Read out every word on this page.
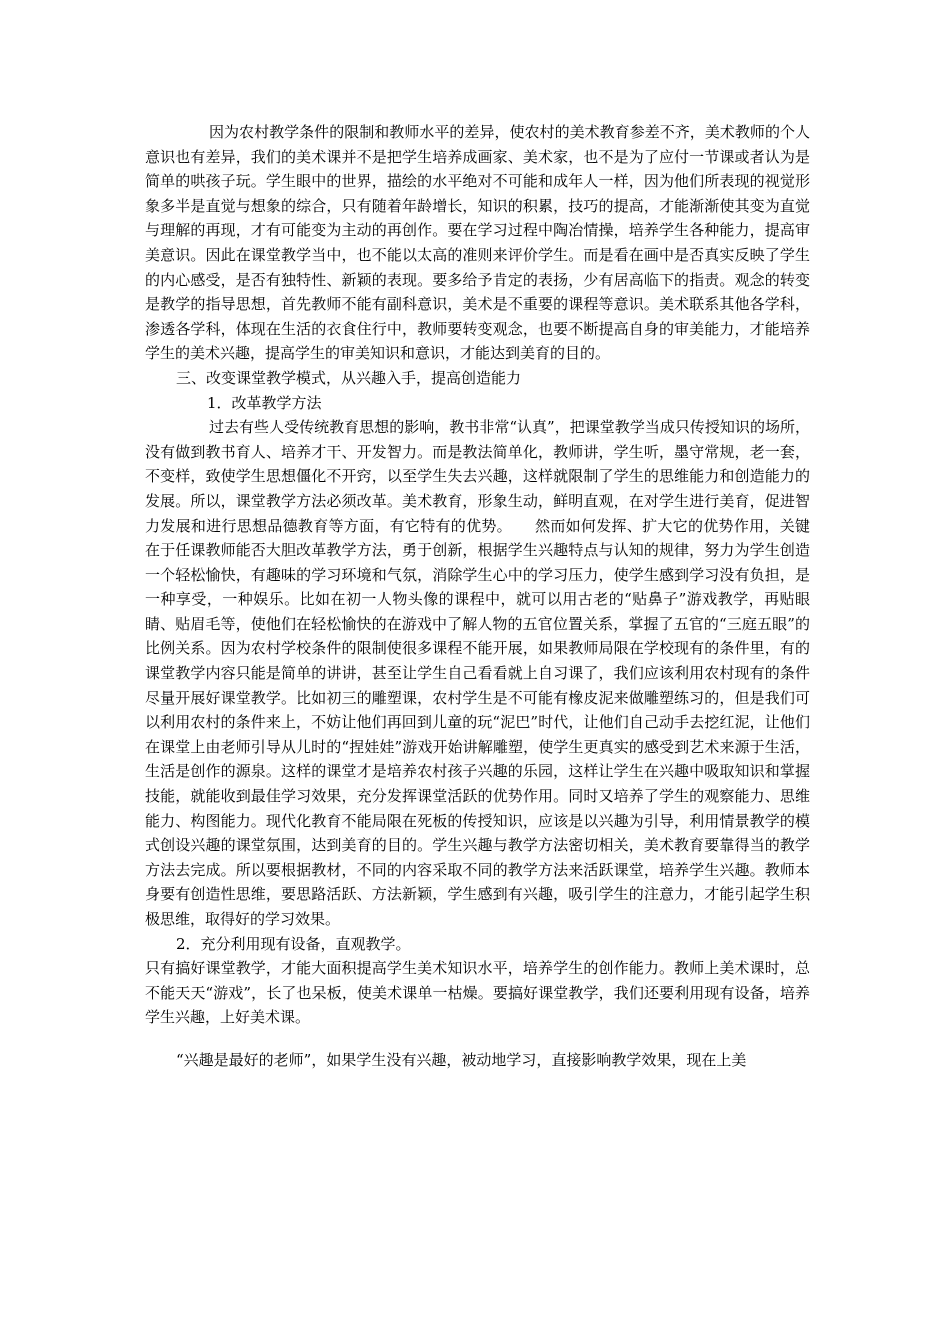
因为农村教学条件的限制和教师水平的差异，使农村的美术教育参差不齐，美术教师的个人意识也有差异，我们的美术课并不是把学生培养成画家、美术家，也不是为了应付一节课或者认为是简单的哄孩子玩。学生眼中的世界，描绘的水平绝对不可能和成年人一样，因为他们所表现的视觉形象多半是直觉与想象的综合，只有随着年龄增长，知识的积累，技巧的提高，才能渐渐使其变为直觉与理解的再现，才有可能变为主动的再创作。要在学习过程中陶冶情操，培养学生各种能力，提高审美意识。因此在课堂教学当中，也不能以太高的准则来评价学生。而是看在画中是否真实反映了学生的内心感受，是否有独特性、新颖的表现。要多给予肯定的表扬，少有居高临下的指责。观念的转变是教学的指导思想，首先教师不能有副科意识，美术是不重要的课程等意识。美术联系其他各学科，渗透各学科，体现在生活的衣食住行中，教师要转变观念，也要不断提高自身的审美能力，才能培养学生的美术兴趣，提高学生的审美知识和意识，才能达到美育的目的。

三、改变课堂教学模式，从兴趣入手，提高创造能力

1．改革教学方法

过去有些人受传统教育思想的影响，教书非常“认真”，把课堂教学当成只传授知识的场所，没有做到教书育人、培养才干、开发智力。而是教法简单化，教师讲，学生听，墨守常规，老一套，不变样，致使学生思想僵化不开窍，以至学生失去兴趣，这样就限制了学生的思维能力和创造能力的发展。所以，课堂教学方法必须改革。美术教育，形象生动，鲜明直观，在对学生进行美育，促进智力发展和进行思想品德教育等方面，有它特有的优势。　　然而如何发挥、扩大它的优势作用，关键在于任课教师能否大胆改革教学方法，勇于创新，根据学生兴趣特点与认知的规律，努力为学生创造一个轻松愉快，有趣味的学习环境和气氛，消除学生心中的学习压力，使学生感到学习没有负担，是一种享受，一种娱乐。比如在初一人物头像的课程中，就可以用古老的“贴鼻子”游戏教学，再贴眼睛、贴眉毛等，使他们在轻松愉快的在游戏中了解人物的五官位置关系，掌握了五官的“三庭五眼”的比例关系。因为农村学校条件的限制使很多课程不能开展，如果教师局限在学校现有的条件里，有的课堂教学内容只能是简单的讲讲，甚至让学生自己看看就上自习课了，我们应该利用农村现有的条件尽量开展好课堂教学。比如初三的雕塑课，农村学生是不可能有橡皮泥来做雕塑练习的，但是我们可以利用农村的条件来上，不妨让他们再回到儿童的玩“泥巴”时代，让他们自己动手去挖红泥，让他们在课堂上由老师引导从儿时的“捏娃娃”游戏开始讲解雕塑，使学生更真实的感受到艺术来源于生活，生活是创作的源泉。这样的课堂才是培养农村孩子兴趣的乐园，这样让学生在兴趣中吸取知识和掌握技能，就能收到最佳学习效果，充分发挥课堂活跃的优势作用。同时又培养了学生的观察能力、思维能力、构图能力。现代化教育不能局限在死板的传授知识，应该是以兴趣为引导，利用情景教学的模式创设兴趣的课堂氛围，达到美育的目的。学生兴趣与教学方法密切相关，美术教育要靠得当的教学方法去完成。所以要根据教材，不同的内容采取不同的教学方法来活跃课堂，培养学生兴趣。教师本身要有创造性思维，要思路活跃、方法新颖，学生感到有兴趣，吸引学生的注意力，才能引起学生积极思维，取得好的学习效果。

2．充分利用现有设备，直观教学。

只有搞好课堂教学，才能大面积提高学生美术知识水平，培养学生的创作能力。教师上美术课时，总不能天天“游戏”，长了也呆板，使美术课单一枯燥。要搞好课堂教学，我们还要利用现有设备，培养学生兴趣，上好美术课。

“兴趣是最好的老师”，如果学生没有兴趣，被动地学习，直接影响教学效果，现在上美
